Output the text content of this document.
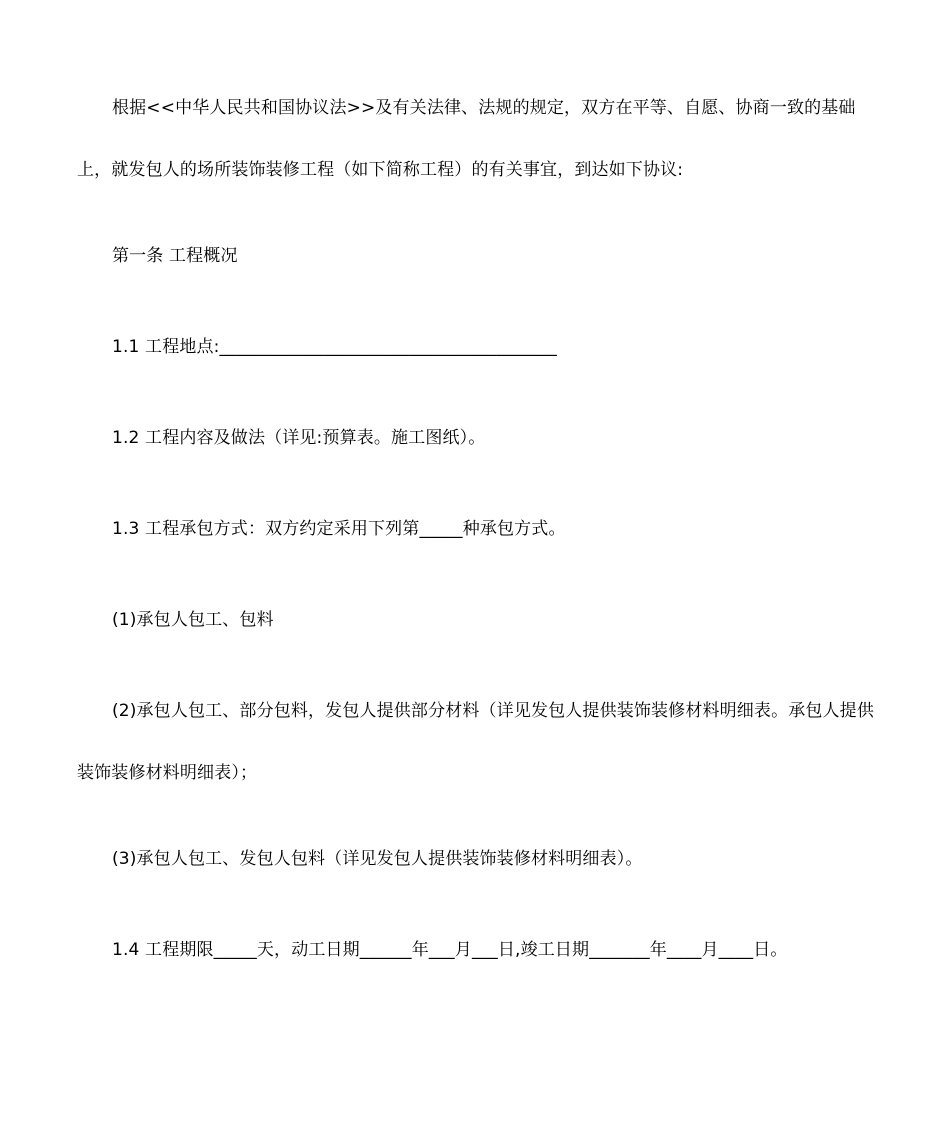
根据<<中华人民共和国协议法>>及有关法律、法规的规定，双方在平等、自愿、协商一致的基础上，就发包人的场所装饰装修工程（如下简称工程）的有关事宜，到达如下协议:

第一条 工程概况

1.1 工程地点:_______________________________________

1.2 工程内容及做法（详见:预算表。施工图纸）。

1.3 工程承包方式：双方约定采用下列第_____种承包方式。

(1)承包人包工、包料

(2)承包人包工、部分包料，发包人提供部分材料（详见发包人提供装饰装修材料明细表。承包人提供装饰装修材料明细表）；

(3)承包人包工、发包人包料（详见发包人提供装饰装修材料明细表）。

1.4 工程期限_____天，动工日期______年___月___日,竣工日期_______年____月____日。
